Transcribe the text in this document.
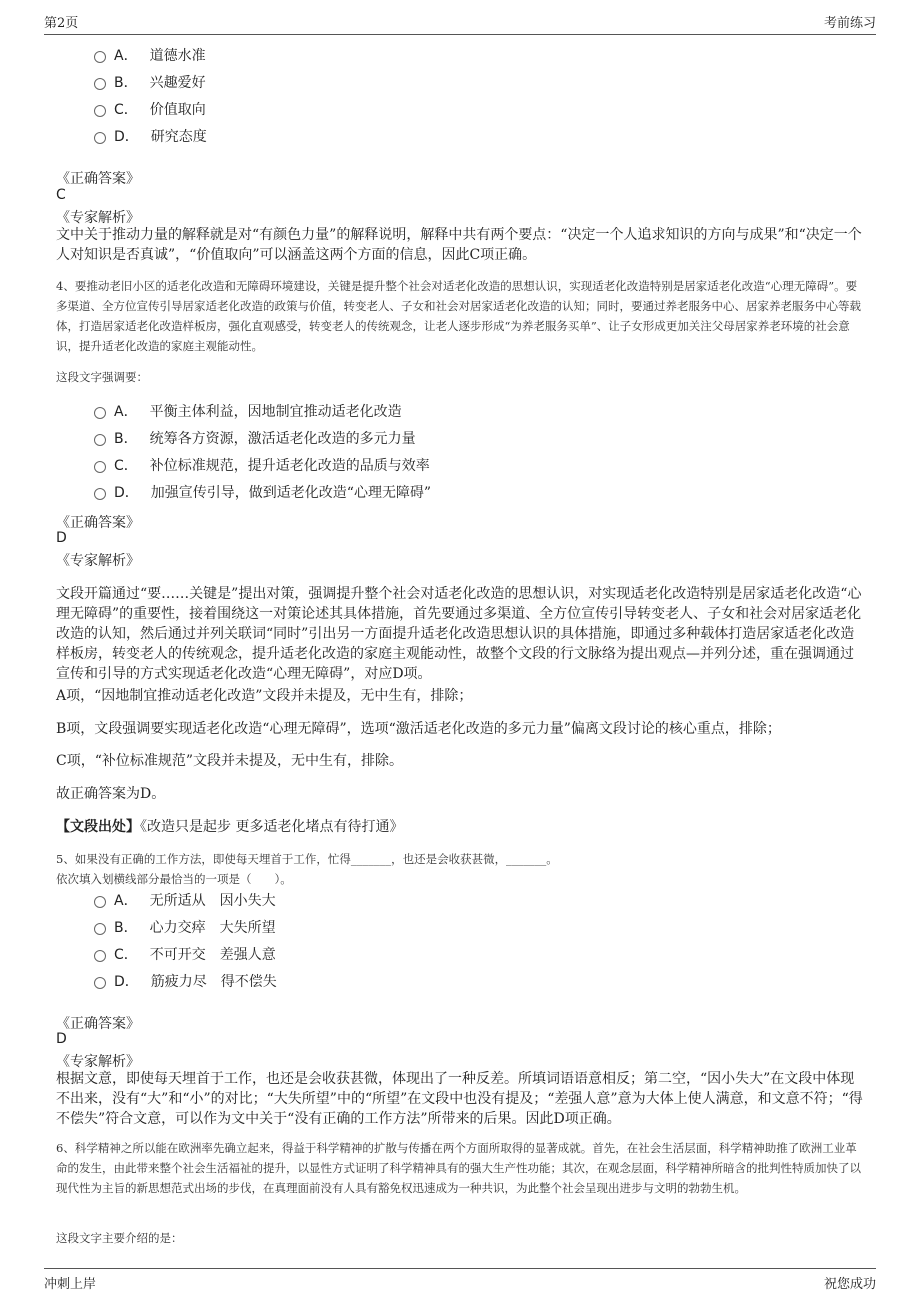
第2页	考前练习
A． 道德水准
B． 兴趣爱好
C． 价值取向
D． 研究态度
《正确答案》
C
《专家解析》
文中关于推动力量的解释就是对“有颜色力量”的解释说明，解释中共有两个要点：“决定一个人追求知识的方向与成果”和“决定一个人对知识是否真诚”，“价值取向”可以涵盖这两个方面的信息，因此C项正确。
4、要推动老旧小区的适老化改造和无障碍环境建设，关键是提升整个社会对适老化改造的思想认识，实现适老化改造特别是居家适老化改造“心理无障碍”。要多渠道、全方位宣传引导居家适老化改造的政策与价值，转变老人、子女和社会对居家适老化改造的认知；同时，要通过养老服务中心、居家养老服务中心等载体，打造居家适老化改造样板房，强化直观感受，转变老人的传统观念，让老人逐步形成“为养老服务买单”、让子女形成更加关注父母居家养老环境的社会意识，提升适老化改造的家庭主观能动性。
这段文字强调要：
A． 平衡主体利益，因地制宜推动适老化改造
B． 统筹各方资源，激活适老化改造的多元力量
C． 补位标准规范，提升适老化改造的品质与效率
D． 加强宣传引导，做到适老化改造“心理无障碍”
《正确答案》
D
《专家解析》
文段开篇通过“要……关键是”提出对策，强调提升整个社会对适老化改造的思想认识，对实现适老化改造特别是居家适老化改造“心理无障碍”的重要性，接着围绕这一对策论述其具体措施，首先要通过多渠道、全方位宣传引导转变老人、子女和社会对居家适老化改造的认知，然后通过并列关联词“同时”引出另一方面提升适老化改造思想认识的具体措施，即通过多种载体打造居家适老化改造样板房，转变老人的传统观念，提升适老化改造的家庭主观能动性，故整个文段的行文脉络为提出观点—并列分述，重在强调通过宣传和引导的方式实现适老化改造“心理无障碍”，对应D项。
A项，“因地制宜推动适老化改造”文段并未提及，无中生有，排除；
B项，文段强调要实现适老化改造“心理无障碍”，选项“激活适老化改造的多元力量”偏离文段讨论的核心重点，排除；
C项，“补位标准规范”文段并未提及，无中生有，排除。
故正确答案为D。
【文段出处】《改造只是起步 更多适老化堵点有待打通》
5、如果没有正确的工作方法，即使每天埋首于工作，忙得_______，也还是会收获甚微，_______。
依次填入划横线部分最恰当的一项是（　　）。
A． 无所适从　因小失大
B． 心力交瘁　大失所望
C． 不可开交　差强人意
D． 筋疲力尽　得不偿失
《正确答案》
D
《专家解析》
根据文意，即使每天埋首于工作，也还是会收获甚微，体现出了一种反差。所填词语语意相反；第二空，“因小失大”在文段中体现不出来，没有“大”和“小”的对比；“大失所望”中的“所望”在文段中也没有提及；“差强人意”意为大体上使人满意，和文意不符；“得不偿失”符合文意，可以作为文中关于“没有正确的工作方法”所带来的后果。因此D项正确。
6、科学精神之所以能在欧洲率先确立起来，得益于科学精神的扩散与传播在两个方面所取得的显著成就。首先，在社会生活层面，科学精神助推了欧洲工业革命的发生，由此带来整个社会生活福祉的提升，以显性方式证明了科学精神具有的强大生产性功能；其次，在观念层面，科学精神所暗含的批判性特质加快了以现代性为主旨的新思想范式出场的步伐，在真理面前没有人具有豁免权迅速成为一种共识，为此整个社会呈现出进步与文明的勃勃生机。
这段文字主要介绍的是：
冲刺上岸	祝您成功
